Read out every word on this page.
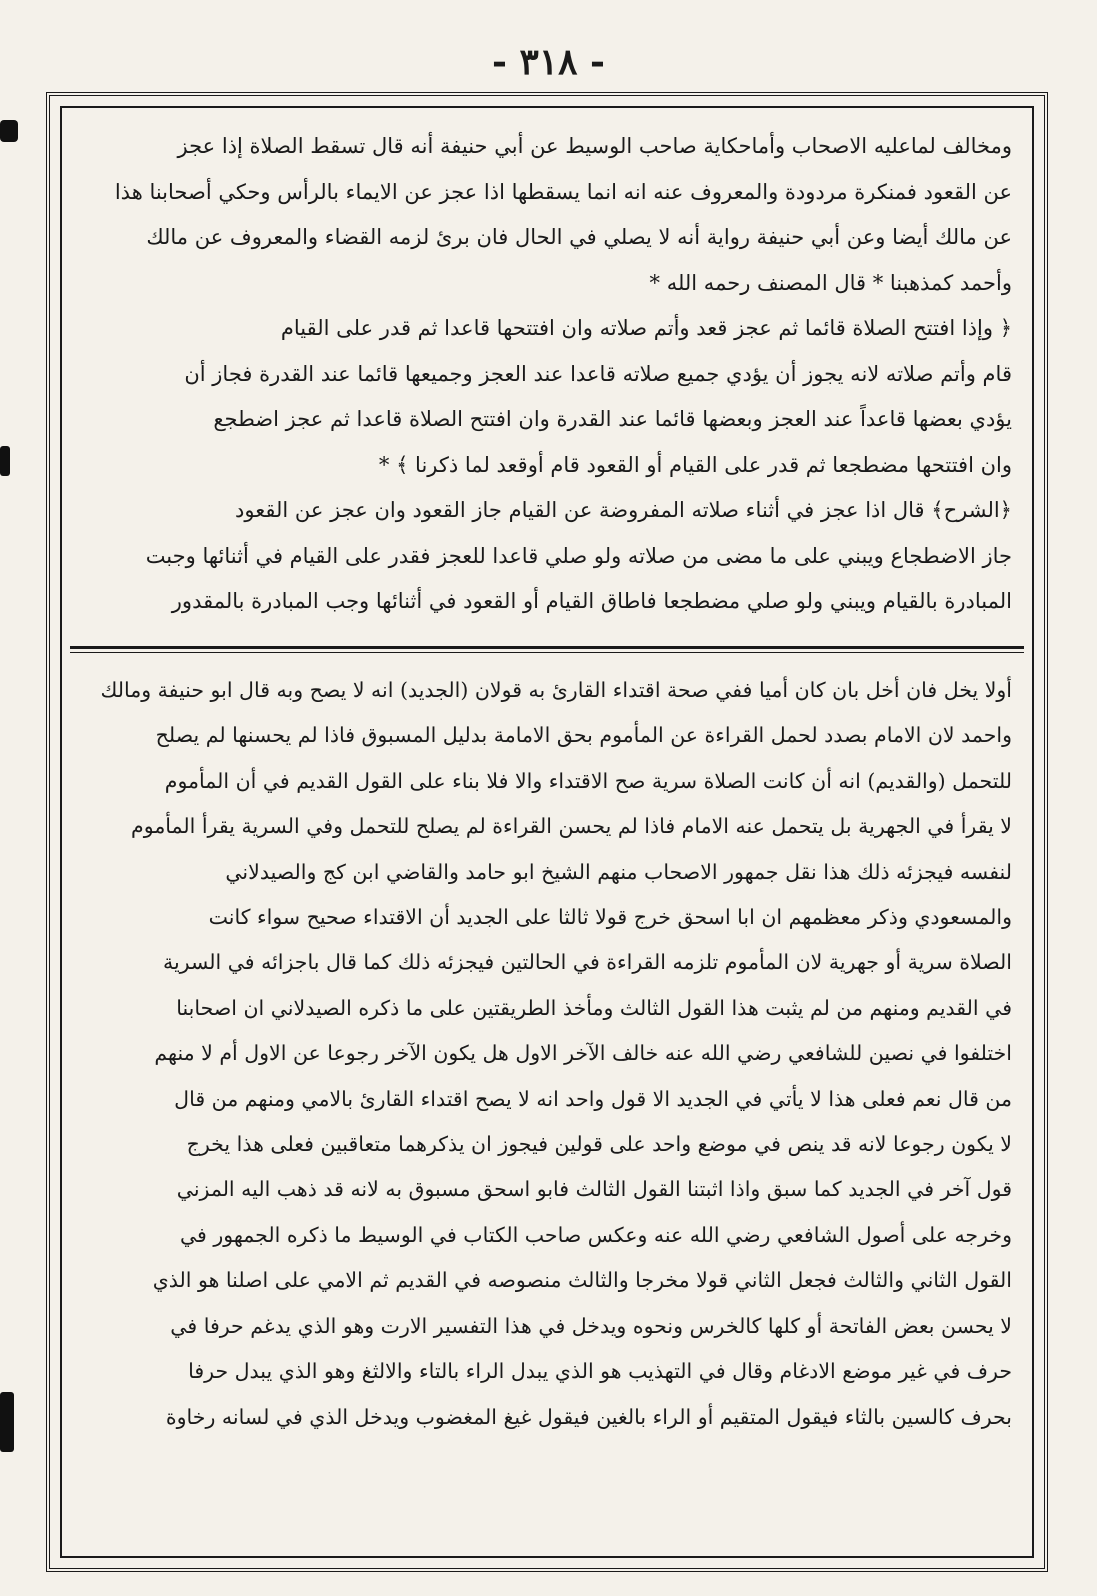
- ٣١٨ -
ومخالف لماعليه الاصحاب وأماحكاية صاحب الوسيط عن أبي حنيفة أنه قال تسقط الصلاة إذا عجز
عن القعود فمنكرة مردودة والمعروف عنه انه انما يسقطها اذا عجز عن الايماء بالرأس وحكي أصحابنا هذا
عن مالك أيضا وعن أبي حنيفة رواية أنه لا يصلي في الحال فان برئ لزمه القضاء والمعروف عن مالك
وأحمد كمذهبنا * قال المصنف رحمه الله *
﴿ وإذا افتتح الصلاة قائما ثم عجز قعد وأتم صلاته وان افتتحها قاعدا ثم قدر على القيام
قام وأتم صلاته لانه يجوز أن يؤدي جميع صلاته قاعدا عند العجز وجميعها قائما عند القدرة فجاز أن
يؤدي بعضها قاعداً عند العجز وبعضها قائما عند القدرة وان افتتح الصلاة قاعدا ثم عجز اضطجع
وان افتتحها مضطجعا ثم قدر على القيام أو القعود قام أوقعد لما ذكرنا ﴾ *
﴿الشرح﴾ قال اذا عجز في أثناء صلاته المفروضة عن القيام جاز القعود وان عجز عن القعود
جاز الاضطجاع ويبني على ما مضى من صلاته ولو صلي قاعدا للعجز فقدر على القيام في أثنائها وجبت
المبادرة بالقيام ويبني ولو صلي مضطجعا فاطاق القيام أو القعود في أثنائها وجب المبادرة بالمقدور
أولا يخل فان أخل بان كان أميا ففي صحة اقتداء القارئ به قولان (الجديد) انه لا يصح وبه قال ابو حنيفة ومالك
واحمد لان الامام بصدد لحمل القراءة عن المأموم بحق الامامة بدليل المسبوق فاذا لم يحسنها لم يصلح
للتحمل (والقديم) انه أن كانت الصلاة سرية صح الاقتداء والا فلا بناء على القول القديم في أن المأموم
لا يقرأ في الجهرية بل يتحمل عنه الامام فاذا لم يحسن القراءة لم يصلح للتحمل وفي السرية يقرأ المأموم
لنفسه فيجزئه ذلك هذا نقل جمهور الاصحاب منهم الشيخ ابو حامد والقاضي ابن كج والصيدلاني
والمسعودي وذكر معظمهم ان ابا اسحق خرج قولا ثالثا على الجديد أن الاقتداء صحيح سواء كانت
الصلاة سرية أو جهرية لان المأموم تلزمه القراءة في الحالتين فيجزئه ذلك كما قال باجزائه في السرية
في القديم ومنهم من لم يثبت هذا القول الثالث ومأخذ الطريقتين على ما ذكره الصيدلاني ان اصحابنا
اختلفوا في نصين للشافعي رضي الله عنه خالف الآخر الاول هل يكون الآخر رجوعا عن الاول أم لا منهم
من قال نعم فعلى هذا لا يأتي في الجديد الا قول واحد انه لا يصح اقتداء القارئ بالامي ومنهم من قال
لا يكون رجوعا لانه قد ينص في موضع واحد على قولين فيجوز ان يذكرهما متعاقبين فعلى هذا يخرج
قول آخر في الجديد كما سبق واذا اثبتنا القول الثالث فابو اسحق مسبوق به لانه قد ذهب اليه المزني
وخرجه على أصول الشافعي رضي الله عنه وعكس صاحب الكتاب في الوسيط ما ذكره الجمهور في
القول الثاني والثالث فجعل الثاني قولا مخرجا والثالث منصوصه في القديم ثم الامي على اصلنا هو الذي
لا يحسن بعض الفاتحة أو كلها كالخرس ونحوه ويدخل في هذا التفسير الارت وهو الذي يدغم حرفا في
حرف في غير موضع الادغام وقال في التهذيب هو الذي يبدل الراء بالتاء والالثغ وهو الذي يبدل حرفا
بحرف كالسين بالثاء فيقول المتقيم أو الراء بالغين فيقول غيغ المغضوب ويدخل الذي في لسانه رخاوة
